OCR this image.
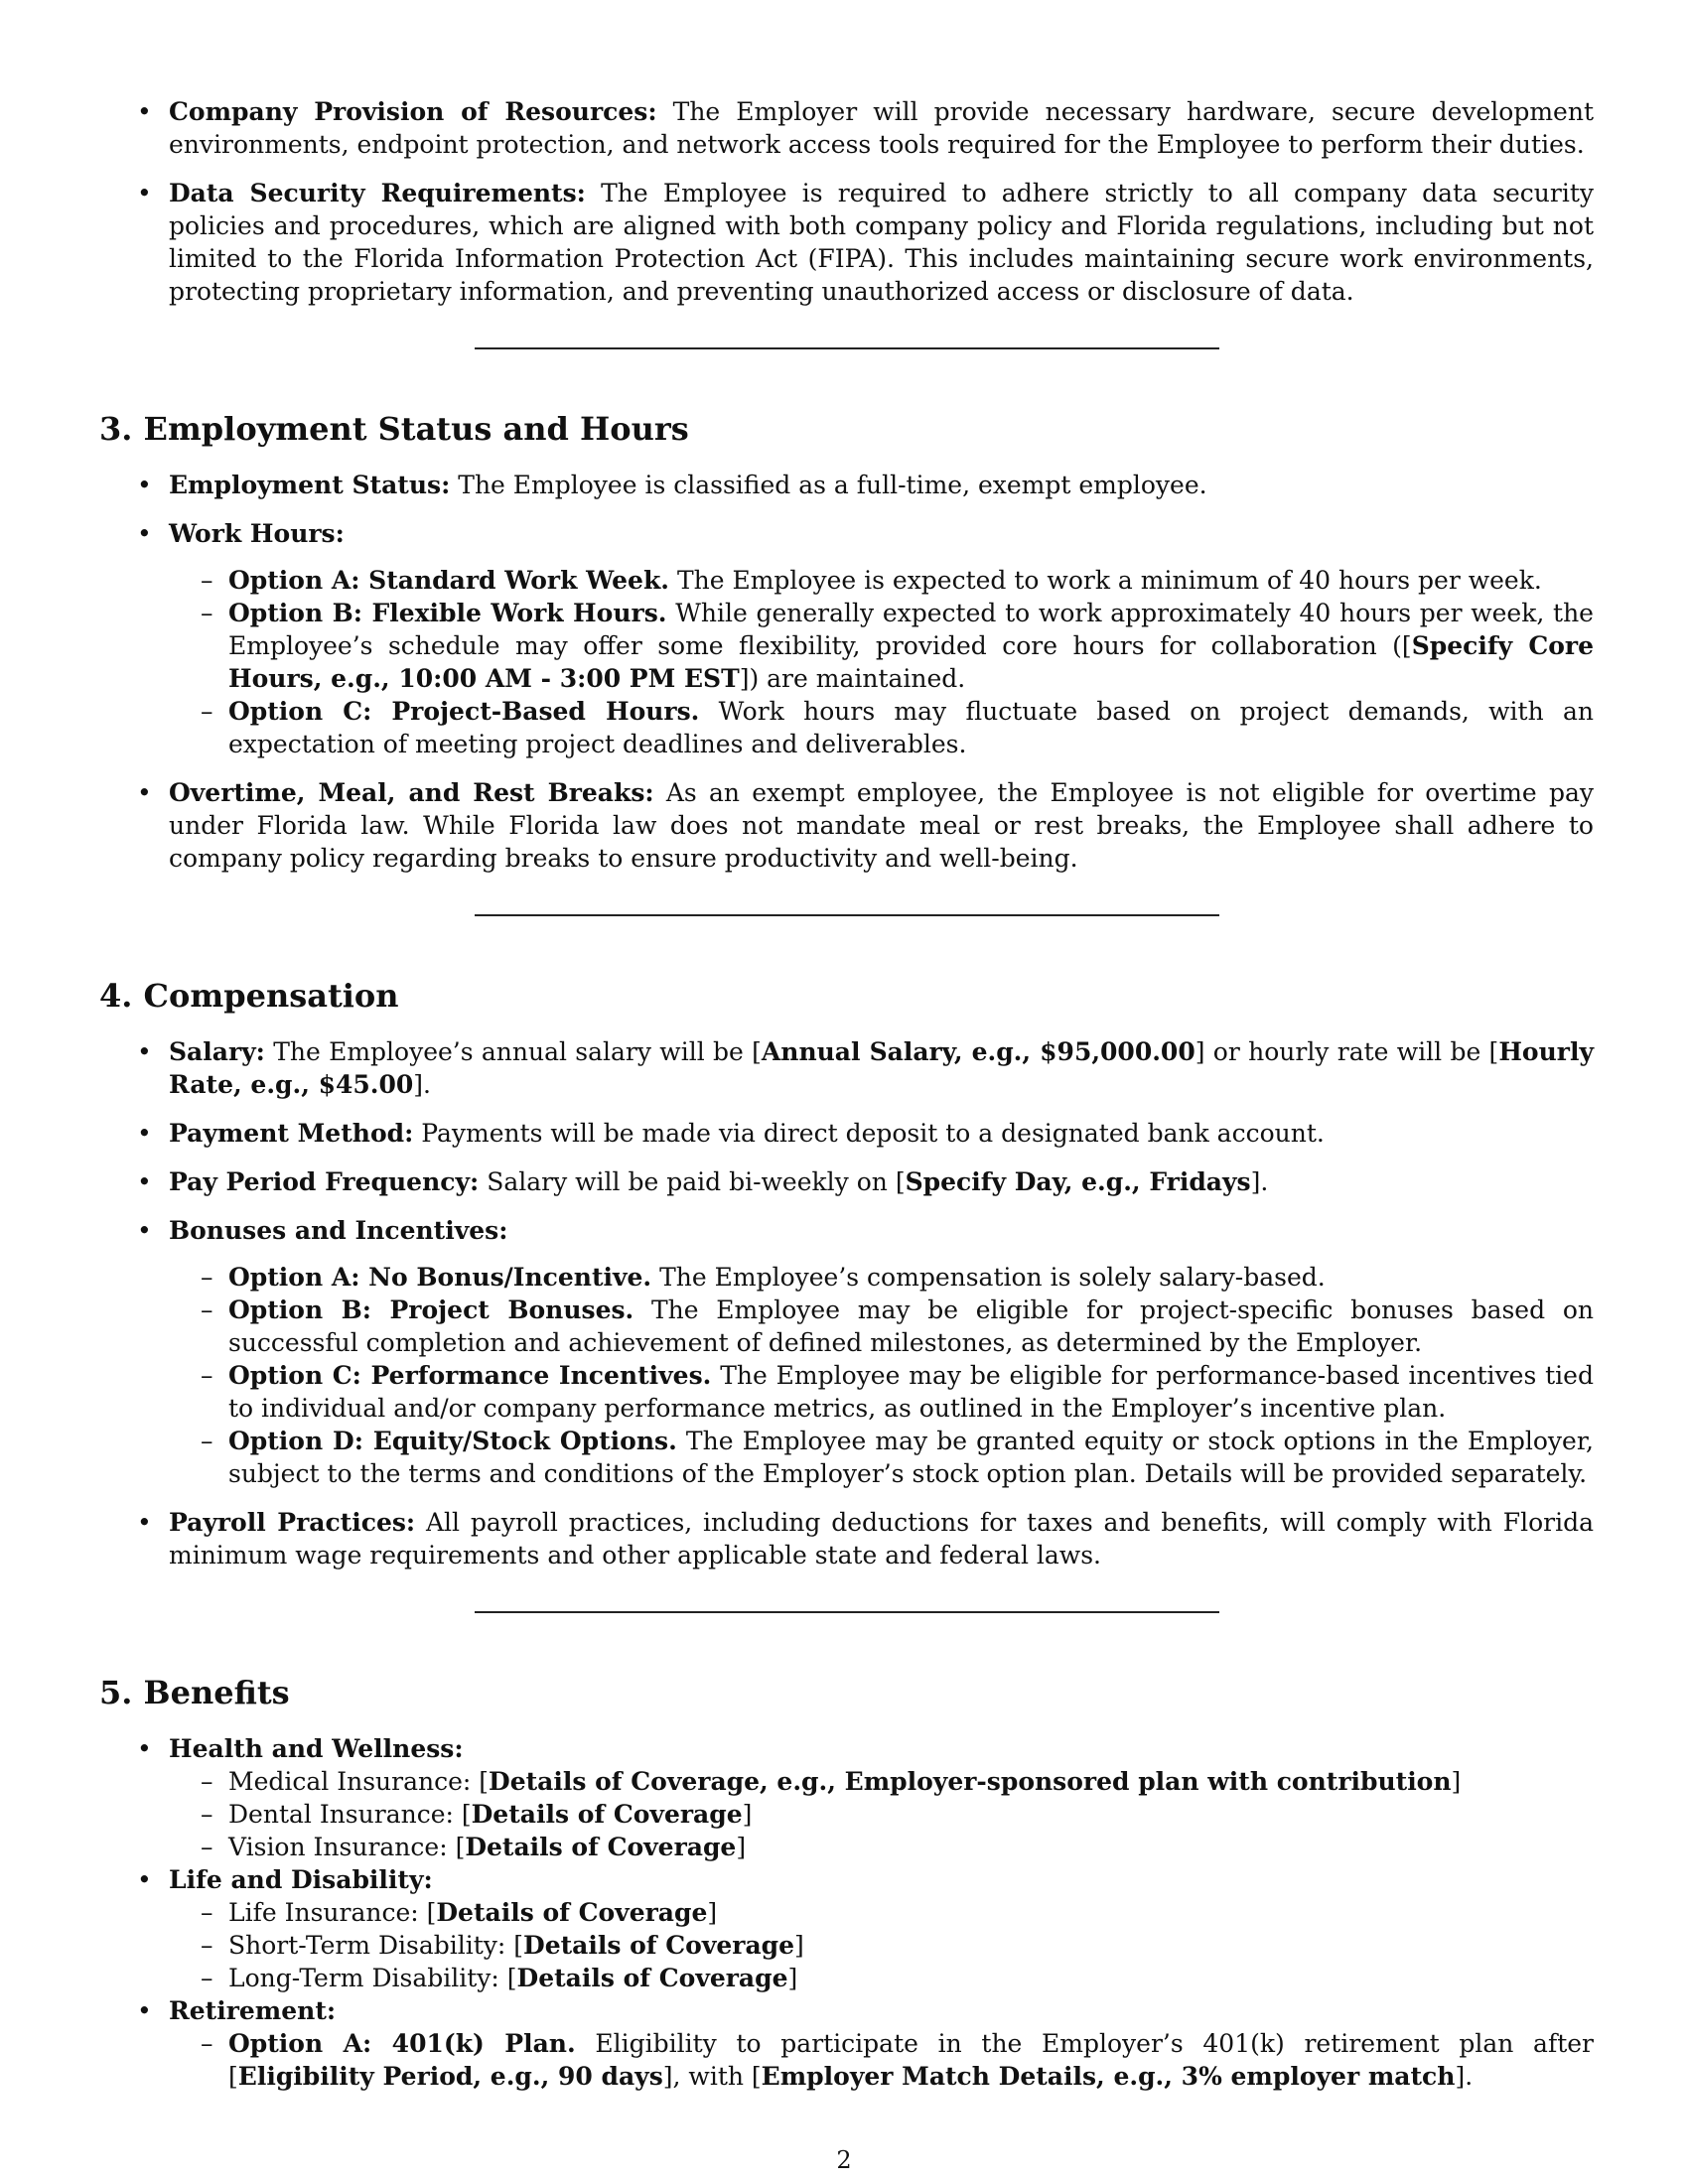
• Company Provision of Resources: The Employer will provide necessary hardware, secure development environments, endpoint protection, and network access tools required for the Employee to perform their duties.
• Data Security Requirements: The Employee is required to adhere strictly to all company data security policies and procedures, which are aligned with both company policy and Florida regulations, including but not limited to the Florida Information Protection Act (FIPA). This includes maintaining secure work environments, protecting proprietary information, and preventing unauthorized access or disclosure of data.
3. Employment Status and Hours
• Employment Status: The Employee is classified as a full-time, exempt employee.
• Work Hours:
– Option A: Standard Work Week. The Employee is expected to work a minimum of 40 hours per week.
– Option B: Flexible Work Hours. While generally expected to work approximately 40 hours per week, the Employee’s schedule may offer some flexibility, provided core hours for collaboration ([Specify Core Hours, e.g., 10:00 AM - 3:00 PM EST]) are maintained.
– Option C: Project-Based Hours. Work hours may fluctuate based on project demands, with an expectation of meeting project deadlines and deliverables.
• Overtime, Meal, and Rest Breaks: As an exempt employee, the Employee is not eligible for overtime pay under Florida law. While Florida law does not mandate meal or rest breaks, the Employee shall adhere to company policy regarding breaks to ensure productivity and well-being.
4. Compensation
• Salary: The Employee’s annual salary will be [Annual Salary, e.g., $95,000.00] or hourly rate will be [Hourly Rate, e.g., $45.00].
• Payment Method: Payments will be made via direct deposit to a designated bank account.
• Pay Period Frequency: Salary will be paid bi-weekly on [Specify Day, e.g., Fridays].
• Bonuses and Incentives:
– Option A: No Bonus/Incentive. The Employee’s compensation is solely salary-based.
– Option B: Project Bonuses. The Employee may be eligible for project-specific bonuses based on successful completion and achievement of defined milestones, as determined by the Employer.
– Option C: Performance Incentives. The Employee may be eligible for performance-based incentives tied to individual and/or company performance metrics, as outlined in the Employer’s incentive plan.
– Option D: Equity/Stock Options. The Employee may be granted equity or stock options in the Employer, subject to the terms and conditions of the Employer’s stock option plan. Details will be provided separately.
• Payroll Practices: All payroll practices, including deductions for taxes and benefits, will comply with Florida minimum wage requirements and other applicable state and federal laws.
5. Benefits
• Health and Wellness:
– Medical Insurance: [Details of Coverage, e.g., Employer-sponsored plan with contribution]
– Dental Insurance: [Details of Coverage]
– Vision Insurance: [Details of Coverage]
• Life and Disability:
– Life Insurance: [Details of Coverage]
– Short-Term Disability: [Details of Coverage]
– Long-Term Disability: [Details of Coverage]
• Retirement:
– Option A: 401(k) Plan. Eligibility to participate in the Employer’s 401(k) retirement plan after [Eligibility Period, e.g., 90 days], with [Employer Match Details, e.g., 3% employer match].
2
